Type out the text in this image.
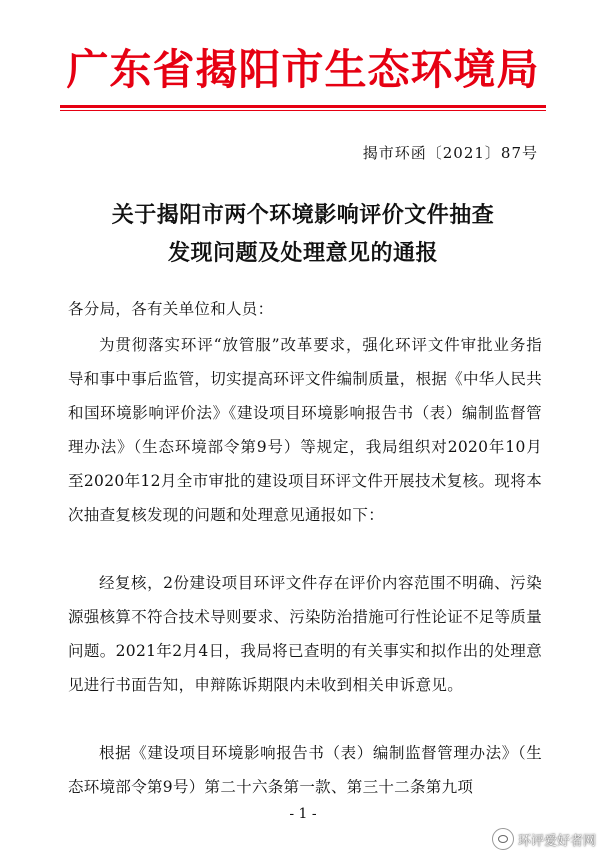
广东省揭阳市生态环境局
揭市环函〔2021〕87号
关于揭阳市两个环境影响评价文件抽查
发现问题及处理意见的通报
各分局，各有关单位和人员：
为贯彻落实环评“放管服”改革要求，强化环评文件审批业务指导和事中事后监管，切实提高环评文件编制质量，根据《中华人民共和国环境影响评价法》《建设项目环境影响报告书（表）编制监督管理办法》（生态环境部令第9号）等规定，我局组织对2020年10月至2020年12月全市审批的建设项目环评文件开展技术复核。现将本次抽查复核发现的问题和处理意见通报如下：
经复核，2份建设项目环评文件存在评价内容范围不明确、污染源强核算不符合技术导则要求、污染防治措施可行性论证不足等质量问题。2021年2月4日，我局将已查明的有关事实和拟作出的处理意见进行书面告知，申辩陈诉期限内未收到相关申诉意见。
根据《建设项目环境影响报告书（表）编制监督管理办法》（生态环境部令第9号）第二十六条第一款、第三十二条第九项
- 1 -
环评爱好者网
